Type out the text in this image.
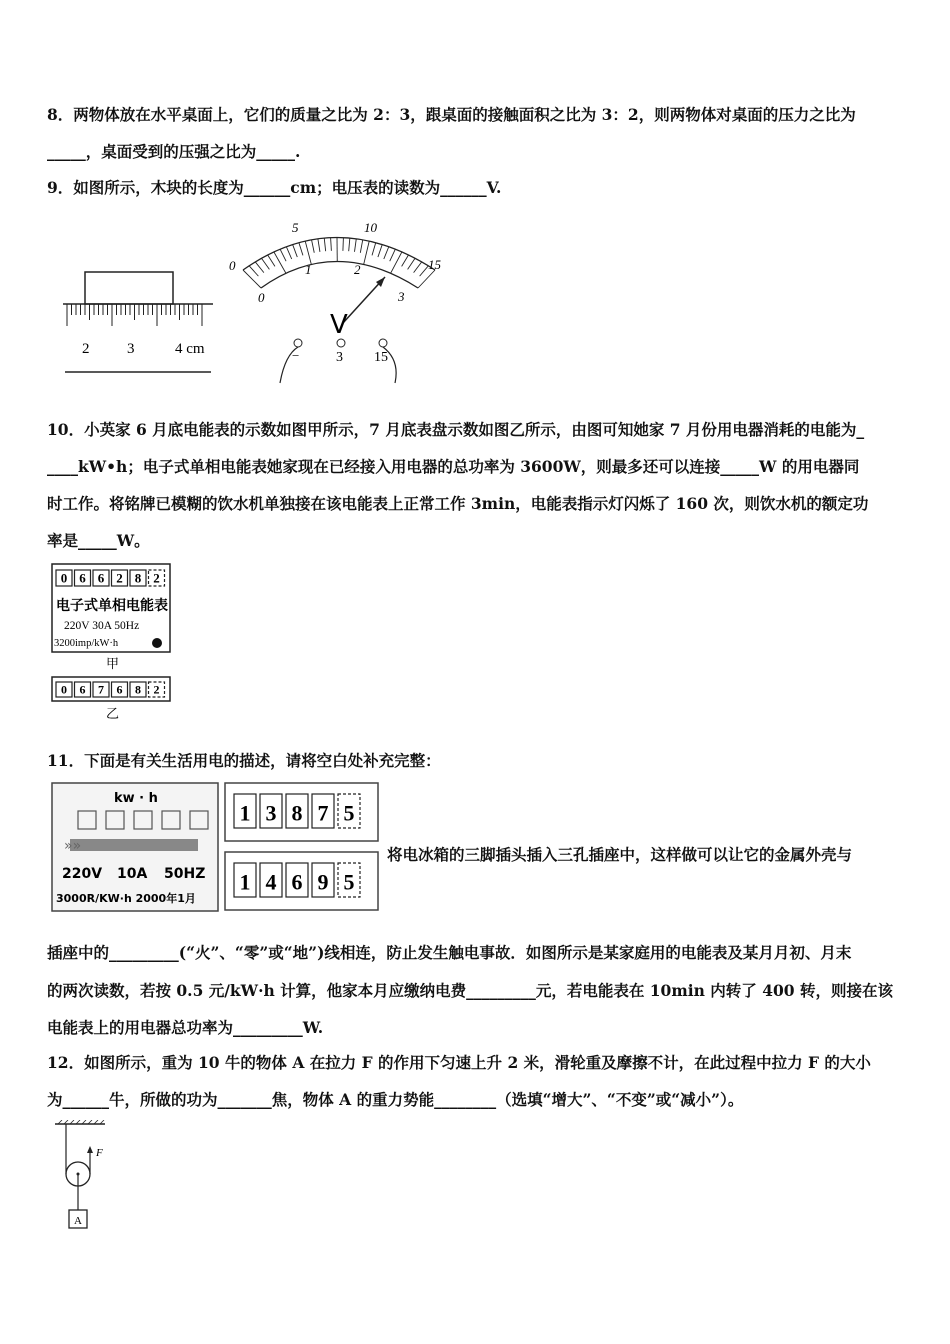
8．两物体放在水平桌面上，它们的质量之比为 2：3，跟桌面的接触面积之比为 3：2，则两物体对桌面的压力之比为
_____，桌面受到的压强之比为_____.
9．如图所示，木块的长度为______cm；电压表的读数为______V.
2	3	4 cm
0
5	10
15
0
1	2
3
V
−	3 15
10．小英家 6 月底电能表的示数如图甲所示，7 月底表盘示数如图乙所示，由图可知她家 7 月份用电器消耗的电能为_
____kW•h；电子式单相电能表她家现在已经接入用电器的总功率为 3600W，则最多还可以连接_____W 的用电器同
时工作。将铭牌已模糊的饮水机单独接在该电能表上正常工作 3min，电能表指示灯闪烁了 160 次，则饮水机的额定功
率是_____W。
0 6 6 2 8 2
电子式单相电能表
220V 30A 50Hz
3200imp/kW·h
甲
0 6 7 6 8 2
乙
11．下面是有关生活用电的描述，请将空白处补充完整：
kw · h
»»
220V 10A 50HZ
3000R/KW·h 2000年1月
1 3 8 7 5
1 4 6 9 5
将电冰箱的三脚插头插入三孔插座中，这样做可以让它的金属外壳与
插座中的_________(“火”、“零”或“地”)线相连，防止发生触电事故．如图所示是某家庭用的电能表及某月月初、月末
的两次读数，若按 0.5 元/kW·h 计算，他家本月应缴纳电费_________元，若电能表在 10min 内转了 400 转，则接在该
电能表上的用电器总功率为_________W.
12．如图所示，重为 10 牛的物体 A 在拉力 F 的作用下匀速上升 2 米，滑轮重及摩擦不计，在此过程中拉力 F 的大小
为______牛，所做的功为_______焦，物体 A 的重力势能________（选填“增大”、“不变”或“减小”）。
F
A
